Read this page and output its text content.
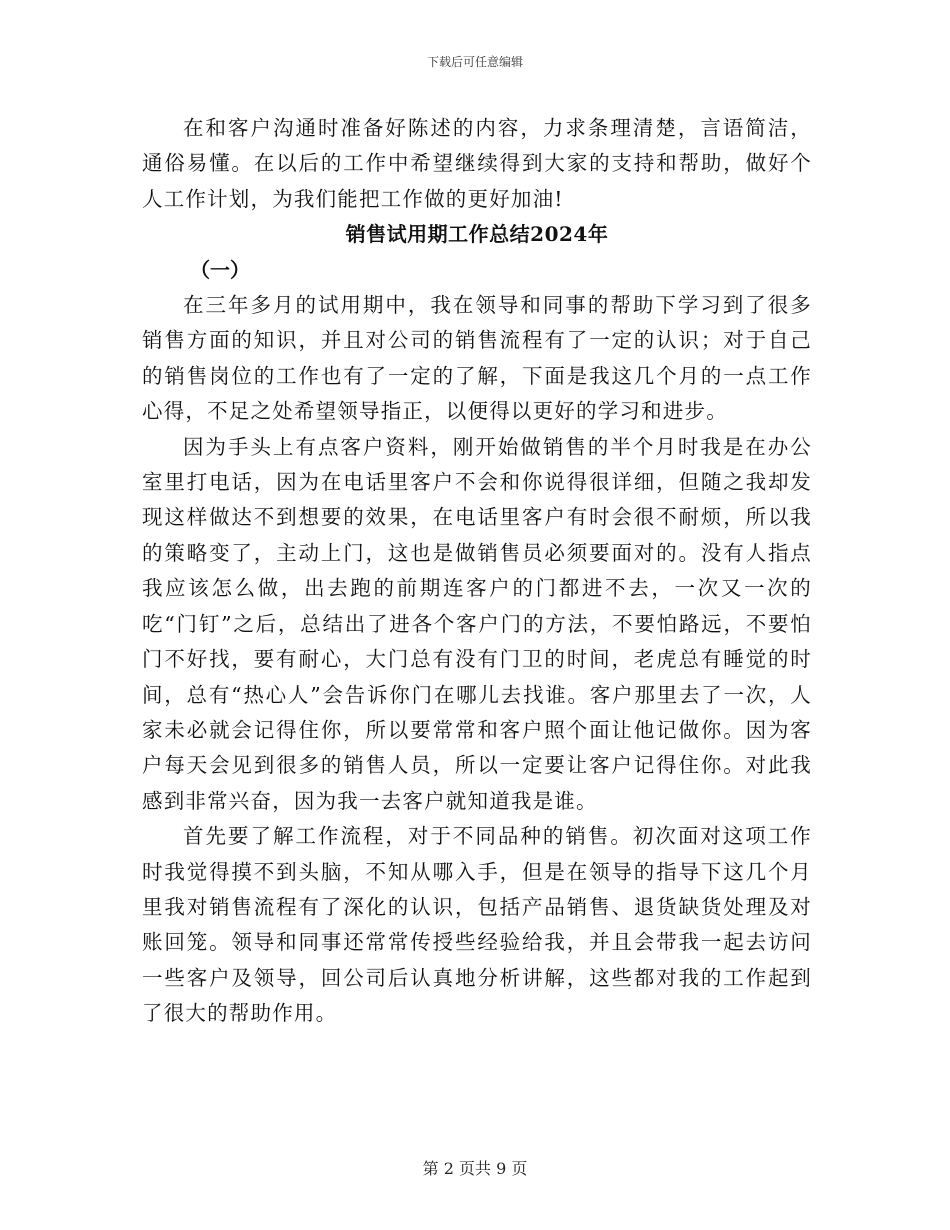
下载后可任意编辑

在和客户沟通时准备好陈述的内容，力求条理清楚，言语简洁，通俗易懂。在以后的工作中希望继续得到大家的支持和帮助，做好个人工作计划，为我们能把工作做的更好加油!

销售试用期工作总结2024年

（一）

在三年多月的试用期中，我在领导和同事的帮助下学习到了很多销售方面的知识，并且对公司的销售流程有了一定的认识；对于自己的销售岗位的工作也有了一定的了解，下面是我这几个月的一点工作心得，不足之处希望领导指正，以便得以更好的学习和进步。

因为手头上有点客户资料，刚开始做销售的半个月时我是在办公室里打电话，因为在电话里客户不会和你说得很详细，但随之我却发现这样做达不到想要的效果，在电话里客户有时会很不耐烦，所以我的策略变了，主动上门，这也是做销售员必须要面对的。没有人指点我应该怎么做，出去跑的前期连客户的门都进不去，一次又一次的吃“门钉”之后，总结出了进各个客户门的方法，不要怕路远，不要怕门不好找，要有耐心，大门总有没有门卫的时间，老虎总有睡觉的时间，总有“热心人”会告诉你门在哪儿去找谁。客户那里去了一次，人家未必就会记得住你，所以要常常和客户照个面让他记做你。因为客户每天会见到很多的销售人员，所以一定要让客户记得住你。对此我感到非常兴奋，因为我一去客户就知道我是谁。

首先要了解工作流程，对于不同品种的销售。初次面对这项工作时我觉得摸不到头脑，不知从哪入手，但是在领导的指导下这几个月里我对销售流程有了深化的认识，包括产品销售、退货缺货处理及对账回笼。领导和同事还常常传授些经验给我，并且会带我一起去访问一些客户及领导，回公司后认真地分析讲解，这些都对我的工作起到了很大的帮助作用。

第 2 页共 9 页
